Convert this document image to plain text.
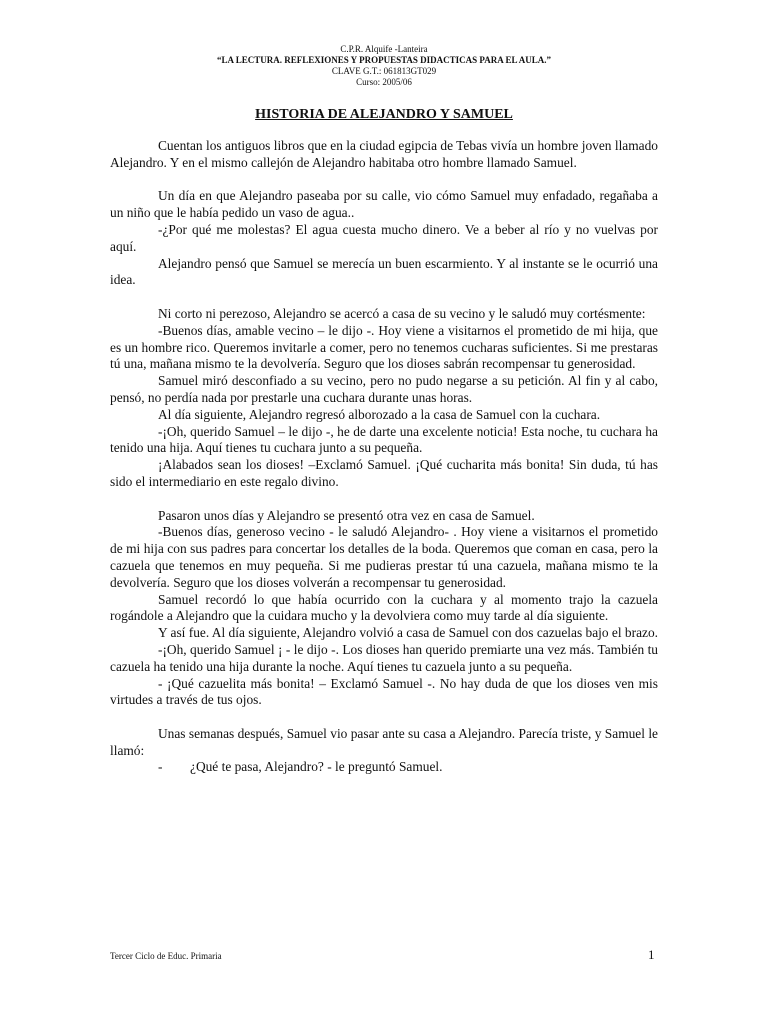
C.P.R. Alquife -Lanteira
“LA LECTURA. REFLEXIONES Y PROPUESTAS DIDACTICAS PARA EL AULA.”
CLAVE G.T.: 061813GT029
Curso: 2005/06
HISTORIA DE ALEJANDRO Y SAMUEL

Cuentan los antiguos libros que en la ciudad egipcia de Tebas vivía un hombre joven llamado Alejandro. Y en el mismo callejón de Alejandro habitaba otro hombre llamado Samuel.

Un día en que Alejandro paseaba por su calle, vio cómo Samuel muy enfadado, regañaba a un niño que le había pedido un vaso de agua..

-¿Por qué me molestas? El agua cuesta mucho dinero. Ve a beber al río y no vuelvas por aquí.

Alejandro pensó que Samuel se merecía un buen escarmiento. Y al instante se le ocurrió una idea.

Ni corto ni perezoso, Alejandro se acercó a casa de su vecino y le saludó muy cortésmente:

-Buenos días, amable vecino – le dijo -. Hoy viene a visitarnos el prometido de mi hija, que es un hombre rico. Queremos invitarle a comer, pero no tenemos cucharas suficientes. Si me prestaras tú una, mañana mismo te la devolvería. Seguro que los dioses sabrán recompensar tu generosidad.

Samuel miró desconfiado a su vecino, pero no pudo negarse a su petición. Al fin y al cabo, pensó, no perdía nada por prestarle una cuchara durante unas horas.

Al día siguiente, Alejandro regresó alborozado a la casa de Samuel con la cuchara.

-¡Oh, querido Samuel – le dijo -, he de darte una excelente noticia! Esta noche, tu cuchara ha tenido una hija. Aquí tienes tu cuchara junto a su pequeña.

¡Alabados sean los dioses! –Exclamó Samuel. ¡Qué cucharita más bonita! Sin duda, tú has sido el intermediario en este regalo divino.

Pasaron unos días y Alejandro se presentó otra vez en casa de Samuel.

-Buenos días, generoso vecino - le saludó Alejandro- . Hoy viene a visitarnos el prometido de mi hija con sus padres para concertar los detalles de la boda. Queremos que coman en casa, pero la cazuela que tenemos en muy pequeña. Si me pudieras prestar tú una cazuela, mañana mismo te la devolvería. Seguro que los dioses volverán a recompensar tu generosidad.

Samuel recordó lo que había ocurrido con la cuchara y al momento trajo la cazuela rogándole a Alejandro que la cuidara mucho y la devolviera como muy tarde al día siguiente.

Y así fue. Al día siguiente, Alejandro volvió a casa de Samuel con dos cazuelas bajo el brazo.

-¡Oh, querido Samuel ¡ - le dijo -. Los dioses han querido premiarte una vez más. También tu cazuela ha tenido una hija durante la noche. Aquí tienes tu cazuela junto a su pequeña.

- ¡Qué cazuelita más bonita! – Exclamó Samuel -. No hay duda de que los dioses ven mis virtudes a través de tus ojos.

Unas semanas después, Samuel vio pasar ante su casa a Alejandro. Parecía triste, y Samuel le llamó:

- ¿Qué te pasa, Alejandro? - le preguntó Samuel.
Tercer Ciclo de Educ. Primaria	1
